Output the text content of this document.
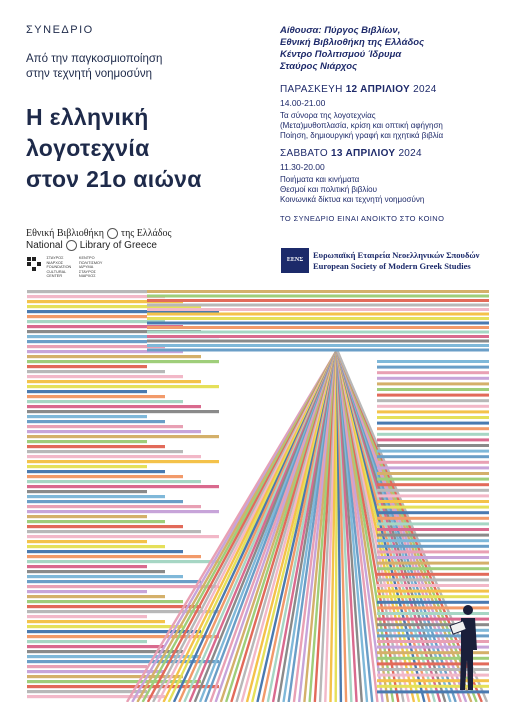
ΣΥΝΕΔΡΙΟ
Από την παγκοσμιοποίηση
στην τεχνητή νοημοσύνη
Η ελληνική
λογοτεχνία
στον 21ο αιώνα
Αίθουσα: Πύργος Βιβλίων,
Εθνική Βιβλιοθήκη της Ελλάδος
Κέντρο Πολιτισμού Ίδρυμα
Σταύρος Νιάρχος
ΠΑΡΑΣΚΕΥΗ 12 ΑΠΡΙΛΙΟΥ 2024
14.00-21.00
Τα σύνορα της λογοτεχνίας
(Μετα)μυθοπλασία, κρίση και οπτική αφήγηση
Ποίηση, δημιουργική γραφή και ηχητικά βιβλία
ΣΑΒΒΑΤΟ 13 ΑΠΡΙΛΙΟΥ 2024
11.30-20.00
Ποιήματα και κινήματα
Θεσμοί και πολιτική βιβλίου
Κοινωνικά δίκτυα και τεχνητή νοημοσύνη
ΤΟ ΣΥΝΕΔΡΙΟ ΕΙΝΑΙ ΑΝΟΙΚΤΟ ΣΤΟ ΚΟΙΝΟ
Εθνική Βιβλιοθήκη της Ελλάδος
National Library of Greece
ΣΤΑΥΡΟΣ ΝΙΑΡΧΟΣ FOUNDATION CULTURAL CENTER ΚΕΝΤΡΟ ΠΟΛΙΤΙΣΜΟΥ ΙΔΡΥΜΑ ΣΤΑΥΡΟΣ ΝΙΑΡΧΟΣ
ΕΕΝΣ	Ευρωπαϊκή Εταιρεία Νεοελληνικών Σπουδών
European Society of Modern Greek Studies
